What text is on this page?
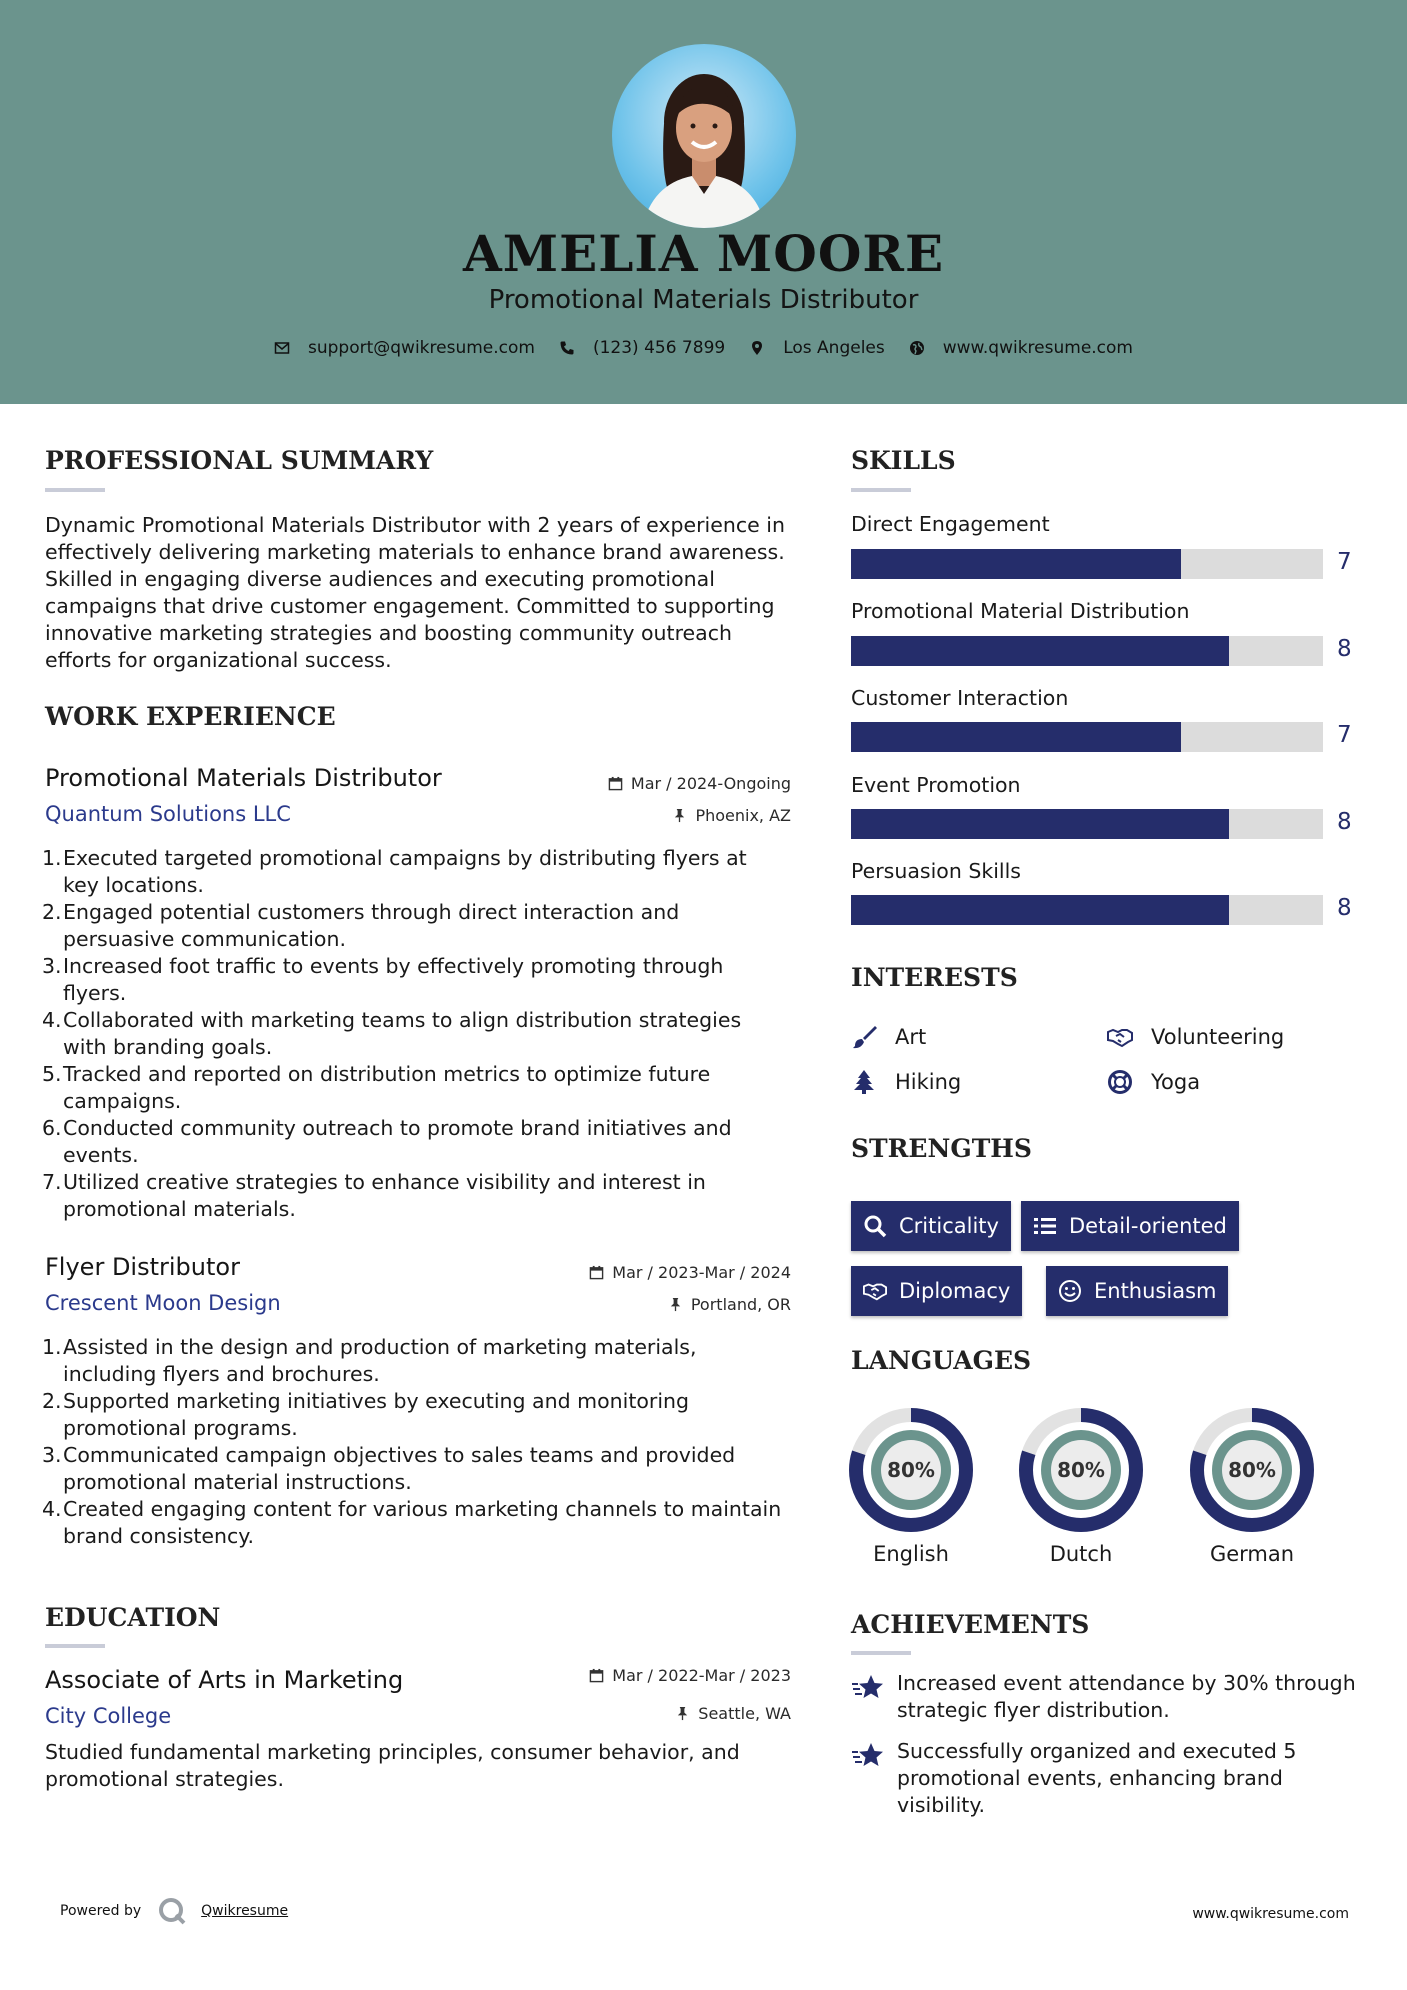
AMELIA MOORE
Promotional Materials Distributor
support@qwikresume.com	(123) 456 7899	Los Angeles	www.qwikresume.com
PROFESSIONAL SUMMARY
Dynamic Promotional Materials Distributor with 2 years of experience in effectively delivering marketing materials to enhance brand awareness. Skilled in engaging diverse audiences and executing promotional campaigns that drive customer engagement. Committed to supporting innovative marketing strategies and boosting community outreach efforts for organizational success.
WORK EXPERIENCE
Promotional Materials Distributor	Mar / 2024-Ongoing
Quantum Solutions LLC	Phoenix, AZ
1. Executed targeted promotional campaigns by distributing flyers at key locations.
2. Engaged potential customers through direct interaction and persuasive communication.
3. Increased foot traffic to events by effectively promoting through flyers.
4. Collaborated with marketing teams to align distribution strategies with branding goals.
5. Tracked and reported on distribution metrics to optimize future campaigns.
6. Conducted community outreach to promote brand initiatives and events.
7. Utilized creative strategies to enhance visibility and interest in promotional materials.
Flyer Distributor	Mar / 2023-Mar / 2024
Crescent Moon Design	Portland, OR
1. Assisted in the design and production of marketing materials, including flyers and brochures.
2. Supported marketing initiatives by executing and monitoring promotional programs.
3. Communicated campaign objectives to sales teams and provided promotional material instructions.
4. Created engaging content for various marketing channels to maintain brand consistency.
EDUCATION
Associate of Arts in Marketing	Mar / 2022-Mar / 2023
City College	Seattle, WA
Studied fundamental marketing principles, consumer behavior, and promotional strategies.
SKILLS
Direct Engagement
7
Promotional Material Distribution
8
Customer Interaction
7
Event Promotion
8
Persuasion Skills
8
INTERESTS
Art	Volunteering
Hiking	Yoga
STRENGTHS
Criticality	Detail-oriented
Diplomacy	Enthusiasm
LANGUAGES
80%
English
80%
Dutch
80%
German
ACHIEVEMENTS
Increased event attendance by 30% through strategic flyer distribution.
Successfully organized and executed 5 promotional events, enhancing brand visibility.
Powered by	Qwikresume	www.qwikresume.com
